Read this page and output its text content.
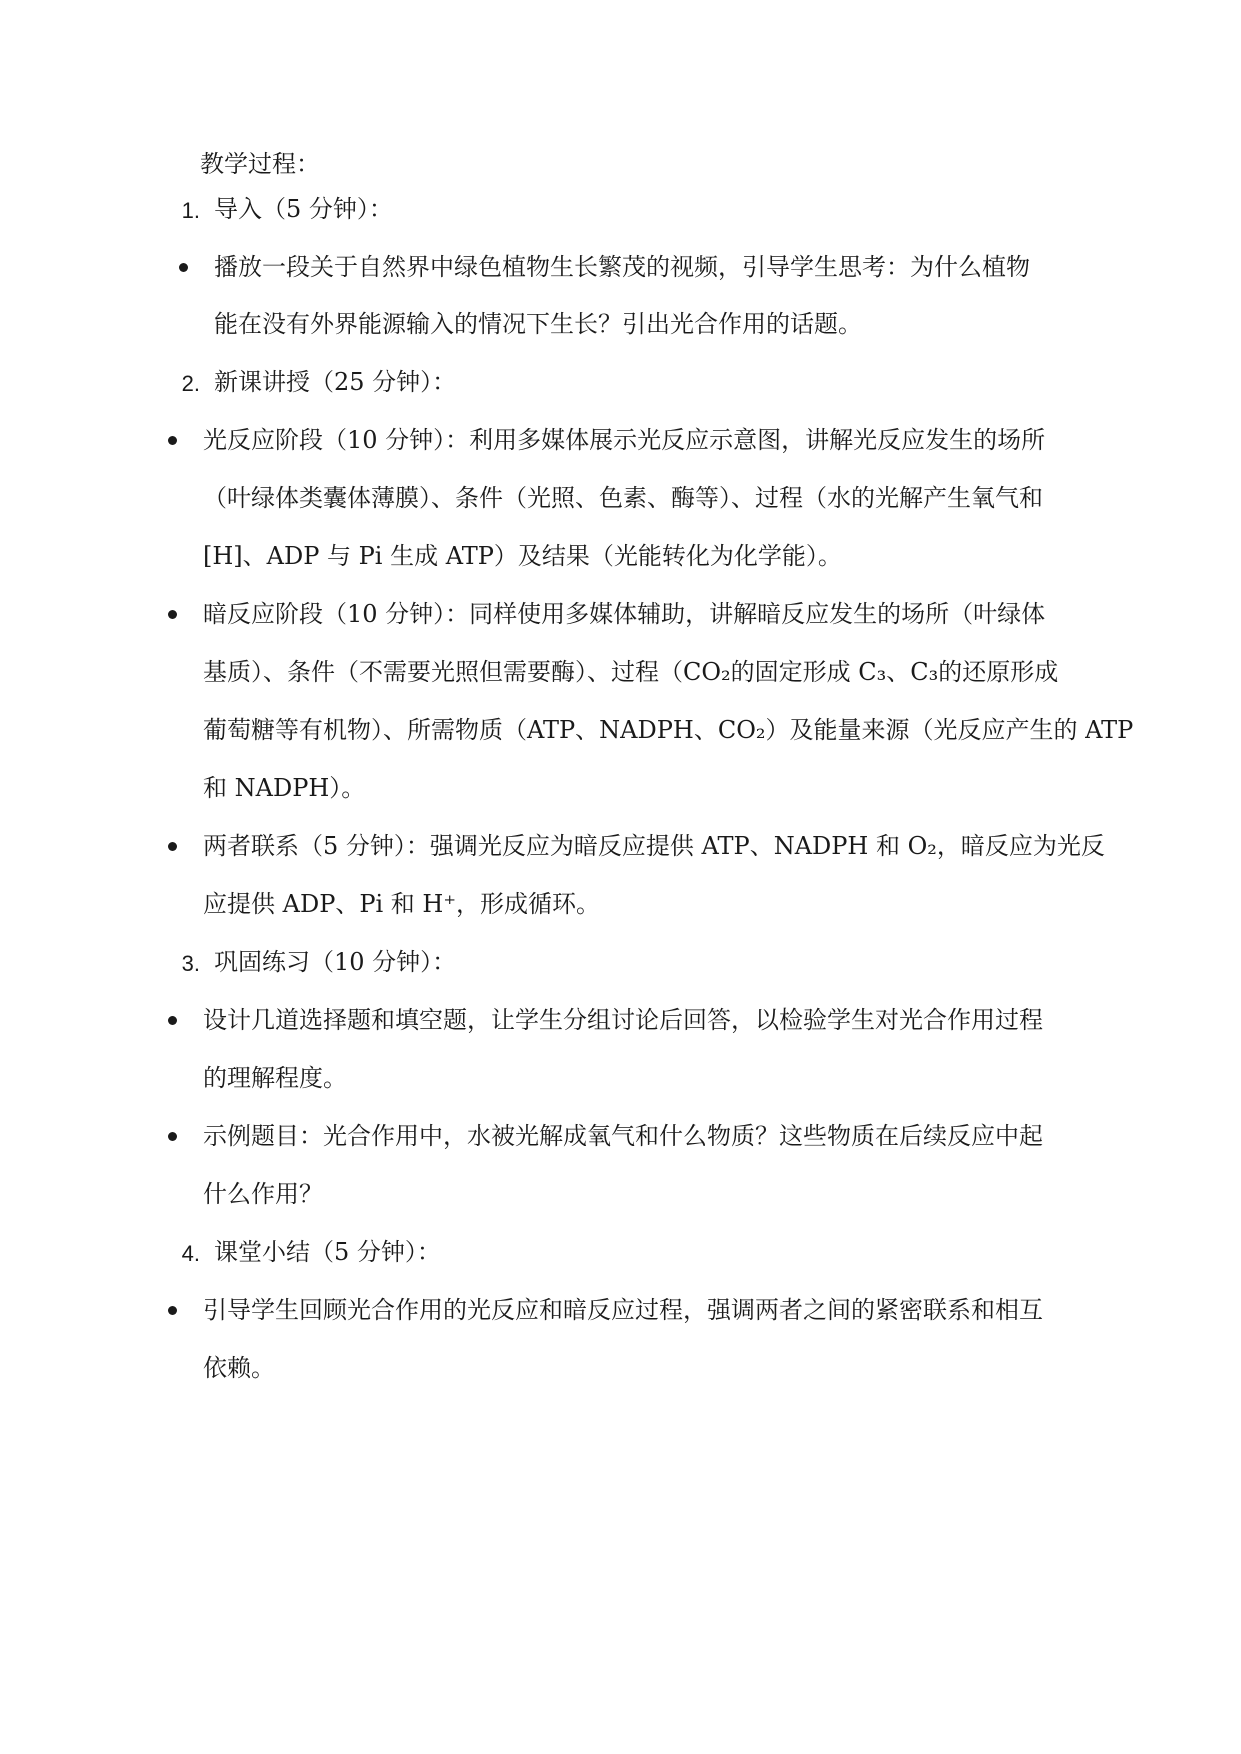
教学过程：
1. 导入（5 分钟）：
播放一段关于自然界中绿色植物生长繁茂的视频，引导学生思考：为什么植物
能在没有外界能源输入的情况下生长？引出光合作用的话题。
2. 新课讲授（25 分钟）：
光反应阶段（10 分钟）：利用多媒体展示光反应示意图，讲解光反应发生的场所
（叶绿体类囊体薄膜）、条件（光照、色素、酶等）、过程（水的光解产生氧气和
[H]、ADP 与 Pi 生成 ATP）及结果（光能转化为化学能）。
暗反应阶段（10 分钟）：同样使用多媒体辅助，讲解暗反应发生的场所（叶绿体
基质）、条件（不需要光照但需要酶）、过程（CO₂的固定形成 C₃、C₃的还原形成
葡萄糖等有机物）、所需物质（ATP、NADPH、CO₂）及能量来源（光反应产生的 ATP
和 NADPH）。
两者联系（5 分钟）：强调光反应为暗反应提供 ATP、NADPH 和 O₂，暗反应为光反
应提供 ADP、Pi 和 H⁺，形成循环。
3. 巩固练习（10 分钟）：
设计几道选择题和填空题，让学生分组讨论后回答，以检验学生对光合作用过程
的理解程度。
示例题目：光合作用中，水被光解成氧气和什么物质？这些物质在后续反应中起
什么作用？
4. 课堂小结（5 分钟）：
引导学生回顾光合作用的光反应和暗反应过程，强调两者之间的紧密联系和相互
依赖。
